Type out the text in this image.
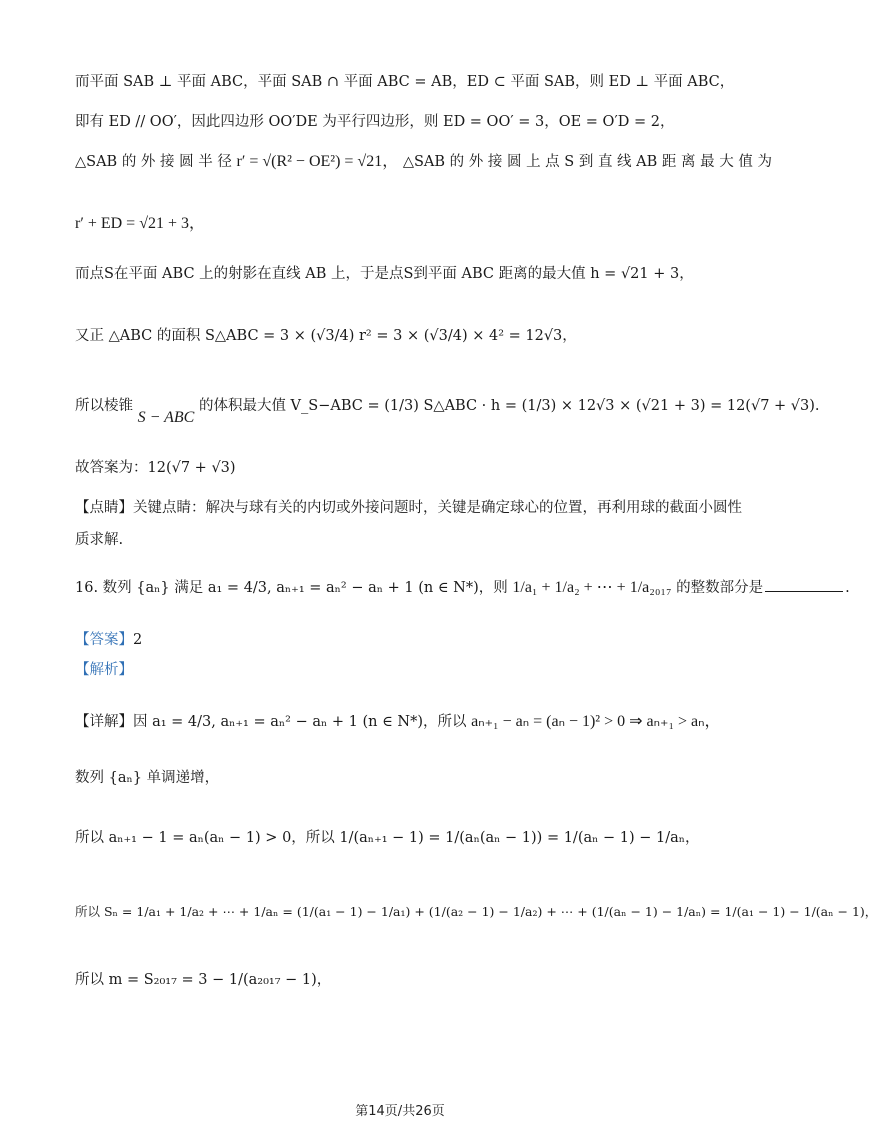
而平面 SAB ⊥ 平面 ABC，平面 SAB ∩ 平面 ABC = AB，ED ⊂ 平面 SAB，则 ED ⊥ 平面 ABC，
即有 ED // OO′，因此四边形 OO′DE 为平行四边形，则 ED = OO′ = 3，OE = O′D = 2，
△SAB 的 外 接 圆 半 径 r′ = √(R² − OE²) = √21， △SAB 的 外 接 圆 上 点 S 到 直 线 AB 距 离 最 大 值 为
r′ + ED = √21 + 3，
而点S在平面 ABC 上的射影在直线 AB 上，于是点S到平面 ABC 距离的最大值 h = √21 + 3，
又正 △ABC 的面积 S△ABC = 3 × (√3/4) r² = 3 × (√3/4) × 4² = 12√3，
所以棱锥 S − ABC 的体积最大值 V_S−ABC = (1/3) S△ABC · h = (1/3) × 12√3 × (√21 + 3) = 12(√7 + √3).
故答案为：12(√7 + √3)
【点睛】关键点睛：解决与球有关的内切或外接问题时，关键是确定球心的位置，再利用球的截面小圆性
质求解.
16. 数列 {aₙ} 满足 a₁ = 4/3, aₙ₊₁ = aₙ² − aₙ + 1 (n ∈ N*)，则 1/a₁ + 1/a₂ + ⋯ + 1/a₂₀₁₇ 的整数部分是	.
【答案】2
【解析】
【详解】因 a₁ = 4/3, aₙ₊₁ = aₙ² − aₙ + 1 (n ∈ N*)，所以 aₙ₊₁ − aₙ = (aₙ − 1)² > 0 ⇒ aₙ₊₁ > aₙ，
数列 {aₙ} 单调递增，
所以 aₙ₊₁ − 1 = aₙ(aₙ − 1) > 0，所以 1/(aₙ₊₁ − 1) = 1/(aₙ(aₙ − 1)) = 1/(aₙ − 1) − 1/aₙ，
所以 Sₙ = 1/a₁ + 1/a₂ + ⋯ + 1/aₙ = (1/(a₁ − 1) − 1/a₁) + (1/(a₂ − 1) − 1/a₂) + ⋯ + (1/(aₙ − 1) − 1/aₙ) = 1/(a₁ − 1) − 1/(aₙ − 1)，
所以 m = S₂₀₁₇ = 3 − 1/(a₂₀₁₇ − 1)，
第14页/共26页
